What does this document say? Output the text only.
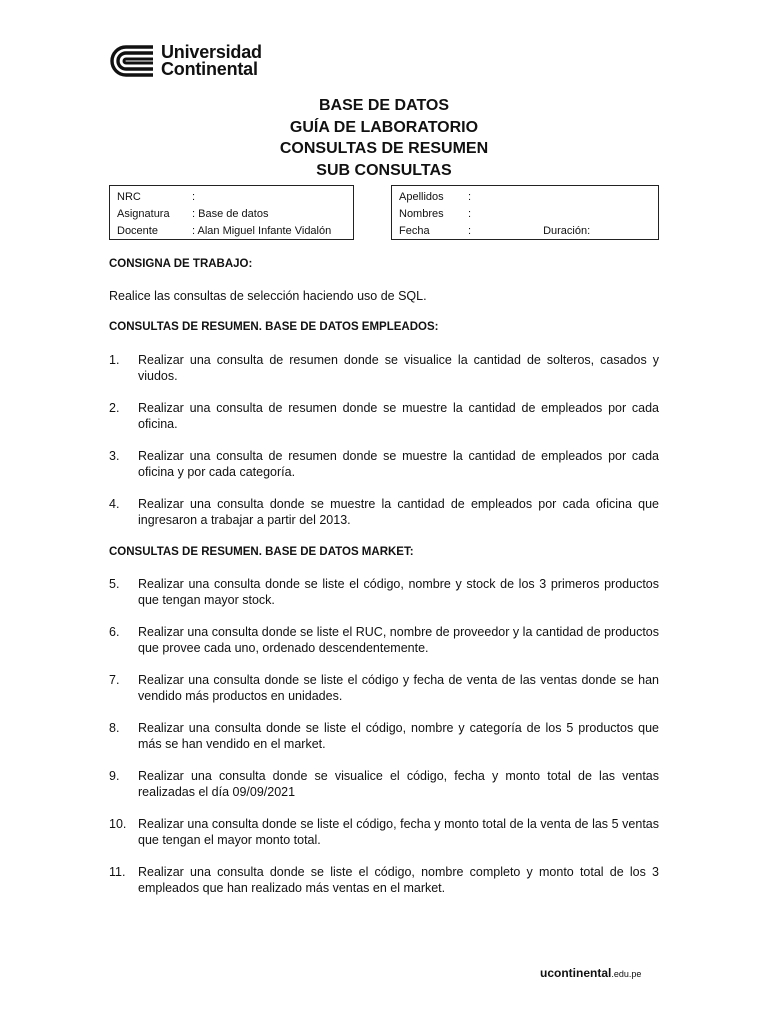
Universidad
Continental
BASE DE DATOS
GUÍA DE LABORATORIO
CONSULTAS DE RESUMEN
SUB CONSULTAS
NRC	:
Asignatura	: Base de datos
Docente	: Alan Miguel Infante Vidalón
Apellidos	:
Nombres	:
Fecha	:	Duración:
CONSIGNA DE TRABAJO:
Realice las consultas de selección haciendo uso de SQL.
CONSULTAS DE RESUMEN. BASE DE DATOS EMPLEADOS:
1.	Realizar una consulta de resumen donde se visualice la cantidad de solteros, casados y viudos.
2.	Realizar una consulta de resumen donde se muestre la cantidad de empleados por cada oficina.
3.	Realizar una consulta de resumen donde se muestre la cantidad de empleados por cada oficina y por cada categoría.
4.	Realizar una consulta donde se muestre la cantidad de empleados por cada oficina que ingresaron a trabajar a partir del 2013.
CONSULTAS DE RESUMEN. BASE DE DATOS MARKET:
5.	Realizar una consulta donde se liste el código, nombre y stock de los 3 primeros productos que tengan mayor stock.
6.	Realizar una consulta donde se liste el RUC, nombre de proveedor y la cantidad de productos que provee cada uno, ordenado descendentemente.
7.	Realizar una consulta donde se liste el código y fecha de venta de las ventas donde se han vendido más productos en unidades.
8.	Realizar una consulta donde se liste el código, nombre y categoría de los 5 productos que más se han vendido en el market.
9.	Realizar una consulta donde se visualice el código, fecha y monto total de las ventas realizadas el día 09/09/2021
10. Realizar una consulta donde se liste el código, fecha y monto total de la venta de las 5 ventas que tengan el mayor monto total.
11.	Realizar una consulta donde se liste el código, nombre completo y monto total de los 3 empleados que han realizado más ventas en el market.
ucontinental.edu.pe
